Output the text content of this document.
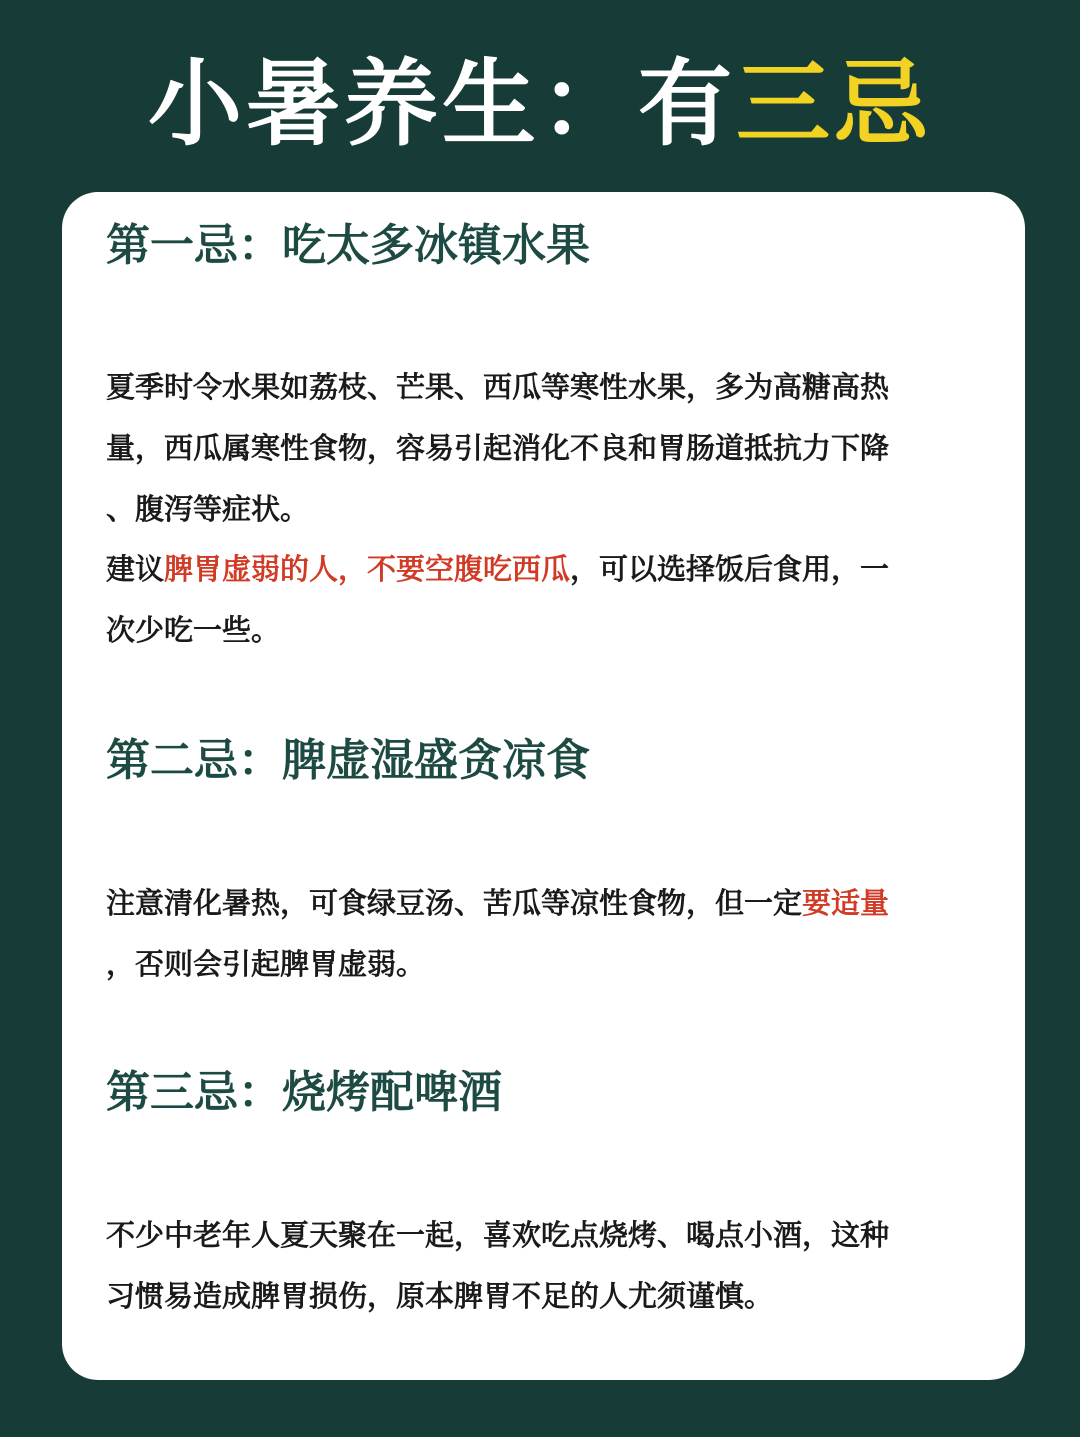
小暑养生：有三忌
第一忌：吃太多冰镇水果
夏季时令水果如荔枝、芒果、西瓜等寒性水果，多为高糖高热
量，西瓜属寒性食物，容易引起消化不良和胃肠道抵抗力下降
、腹泻等症状。
建议脾胃虚弱的人，不要空腹吃西瓜，可以选择饭后食用，一
次少吃一些。
第二忌：脾虚湿盛贪凉食
注意清化暑热，可食绿豆汤、苦瓜等凉性食物，但一定要适量
，否则会引起脾胃虚弱。
第三忌：烧烤配啤酒
不少中老年人夏天聚在一起，喜欢吃点烧烤、喝点小酒，这种
习惯易造成脾胃损伤，原本脾胃不足的人尤须谨慎。
